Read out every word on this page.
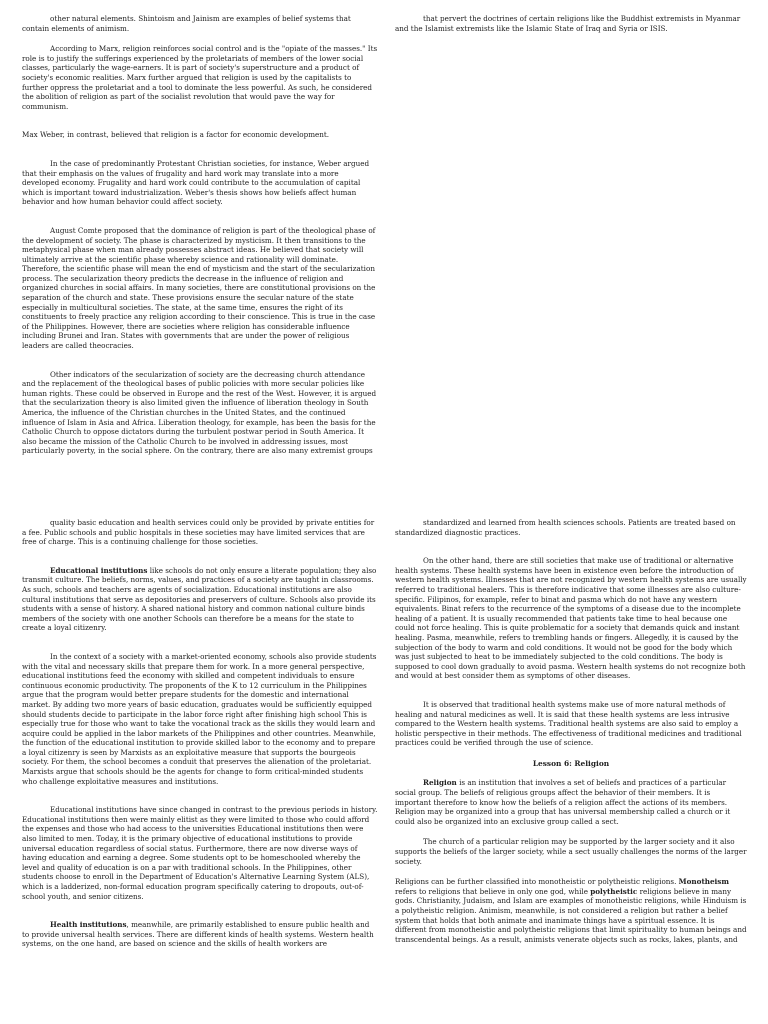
other natural elements. Shintoism and Jainism are examples of belief systems that contain elements of animism.

According to Marx, religion reinforces social control and is the "opiate of the masses." Its role is to justify the sufferings experienced by the proletariats of members of the lower social classes, particularly the wage-earners. It is part of society's superstructure and a product of society's economic realities. Marx further argued that religion is used by the capitalists to further oppress the proletariat and a tool to dominate the less powerful. As such, he considered the abolition of religion as part of the socialist revolution that would pave the way for communism.

Max Weber, in contrast, believed that religion is a factor for economic development.

In the case of predominantly Protestant Christian societies, for instance, Weber argued that their emphasis on the values of frugality and hard work may translate into a more developed economy. Frugality and hard work could contribute to the accumulation of capital which is important toward industrialization. Weber's thesis shows how beliefs affect human behavior and how human behavior could affect society.

August Comte proposed that the dominance of religion is part of the theological phase of the development of society. The phase is characterized by mysticism. It then transitions to the metaphysical phase when man already possesses abstract ideas. He believed that society will ultimately arrive at the scientific phase whereby science and rationality will dominate. Therefore, the scientific phase will mean the end of mysticism and the start of the secularization process. The secularization theory predicts the decrease in the influence of religion and organized churches in social affairs. In many societies, there are constitutional provisions on the separation of the church and state. These provisions ensure the secular nature of the state especially in multicultural societies. The state, at the same time, ensures the right of its constituents to freely practice any religion according to their conscience. This is true in the case of the Philippines. However, there are societies where religion has considerable influence including Brunei and Iran. States with governments that are under the power of religious leaders are called theocracies.

Other indicators of the secularization of society are the decreasing church attendance and the replacement of the theological bases of public policies with more secular policies like human rights. These could be observed in Europe and the rest of the West. However, it is argued that the secularization theory is also limited given the influence of liberation theology in South America, the influence of the Christian churches in the United States, and the continued influence of Islam in Asia and Africa. Liberation theology, for example, has been the basis for the Catholic Church to oppose dictators during the turbulent postwar period in South America. It also became the mission of the Catholic Church to be involved in addressing issues, most particularly poverty, in the social sphere. On the contrary, there are also many extremist groups

that pervert the doctrines of certain religions like the Buddhist extremists in Myanmar and the Islamist extremists like the Islamic State of Iraq and Syria or ISIS.

quality basic education and health services could only be provided by private entities for a fee. Public schools and public hospitals in these societies may have limited services that are free of charge. This is a continuing challenge for those societies.

Educational institutions like schools do not only ensure a literate population; they also transmit culture. The beliefs, norms, values, and practices of a society are taught in classrooms. As such, schools and teachers are agents of socialization. Educational institutions are also cultural institutions that serve as depositories and preservers of culture. Schools also provide its students with a sense of history. A shared national history and common national culture binds members of the society with one another Schools can therefore be a means for the state to create a loyal citizenry.

In the context of a society with a market-oriented economy, schools also provide students with the vital and necessary skills that prepare them for work. In a more general perspective, educational institutions feed the economy with skilled and competent individuals to ensure continuous economic productivity. The proponents of the K to 12 curriculum in the Philippines argue that the program would better prepare students for the domestic and international market. By adding two more years of basic education, graduates would be sufficiently equipped should students decide to participate in the labor force right after finishing high school This is especially true for those who want to take the vocational track as the skills they would learn and acquire could be applied in the labor markets of the Philippines and other countries. Meanwhile, the function of the educational institution to provide skilled labor to the economy and to prepare a loyal citizenry is seen by Marxists as an exploitative measure that supports the bourgeois society. For them, the school becomes a conduit that preserves the alienation of the proletariat. Marxists argue that schools should be the agents for change to form critical-minded students who challenge exploitative measures and institutions.

Educational institutions have since changed in contrast to the previous periods in history. Educational institutions then were mainly elitist as they were limited to those who could afford the expenses and those who had access to the universities Educational institutions then were also limited to men. Today, it is the primary objective of educational institutions to provide universal education regardless of social status. Furthermore, there are now diverse ways of having education and earning a degree. Some students opt to be homeschooled whereby the level and quality of education is on a par with traditional schools. In the Philippines, other students choose to enroll in the Department of Education's Alternative Learning System (ALS), which is a ladderized, non-formal education program specifically catering to dropouts, out-of-school youth, and senior citizens.

Health institutions, meanwhile, are primarily established to ensure public health and to provide universal health services. There are different kinds of health systems. Western health systems, on the one hand, are based on science and the skills of health workers are

standardized and learned from health sciences schools. Patients are treated based on standardized diagnostic practices.

On the other hand, there are still societies that make use of traditional or alternative health systems. These health systems have been in existence even before the introduction of western health systems. Illnesses that are not recognized by western health systems are usually referred to traditional healers. This is therefore indicative that some illnesses are also culture-specific. Filipinos, for example, refer to binat and pasma which do not have any western equivalents. Binat refers to the recurrence of the symptoms of a disease due to the incomplete healing of a patient. It is usually recommended that patients take time to heal because one could not force healing. This is quite problematic for a society that demands quick and instant healing. Pasma, meanwhile, refers to trembling hands or fingers. Allegedly, it is caused by the subjection of the body to warm and cold conditions. It would not be good for the body which was just subjected to heat to be immediately subjected to the cold conditions. The body is supposed to cool down gradually to avoid pasma. Western health systems do not recognize both and would at best consider them as symptoms of other diseases.

It is observed that traditional health systems make use of more natural methods of healing and natural medicines as well. It is said that these health systems are less intrusive compared to the Western health systems. Traditional health systems are also said to employ a holistic perspective in their methods. The effectiveness of traditional medicines and traditional practices could be verified through the use of science.

Lesson 6: Religion

Religion is an institution that involves a set of beliefs and practices of a particular social group. The beliefs of religious groups affect the behavior of their members. It is important therefore to know how the beliefs of a religion affect the actions of its members. Religion may be organized into a group that has universal membership called a church or it could also be organized into an exclusive group called a sect.

The church of a particular religion may be supported by the larger society and it also supports the beliefs of the larger society, while a sect usually challenges the norms of the larger society.

Religions can be further classified into monotheistic or polytheistic religions. Monotheism refers to religions that believe in only one god, while polytheistic religions believe in many gods. Christianity, Judaism, and Islam are examples of monotheistic religions, while Hinduism is a polytheistic religion. Animism, meanwhile, is not considered a religion but rather a belief system that holds that both animate and inanimate things have a spiritual essence. It is different from monotheistic and polytheistic religions that limit spirituality to human beings and transcendental beings. As a result, animists venerate objects such as rocks, lakes, plants, and
